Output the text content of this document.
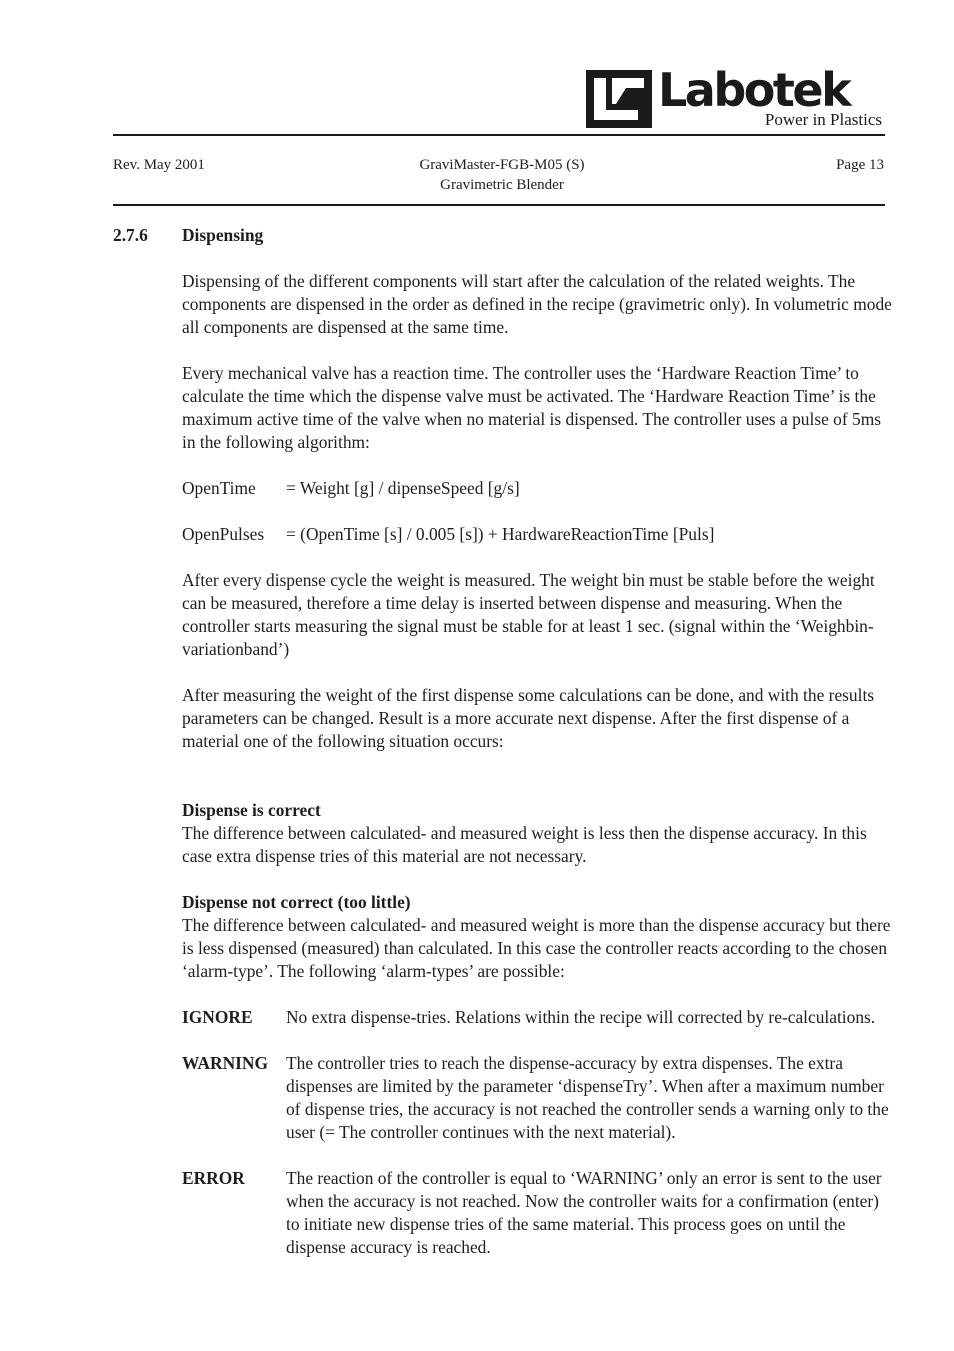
Labotek
Power in Plastics
Rev. May 2001	GraviMaster-FGB-M05 (S)
Gravimetric Blender
Page 13
2.7.6 Dispensing

Dispensing of the different components will start after the calculation of the related weights. The components are dispensed in the order as defined in the recipe (gravimetric only). In volumetric mode all components are dispensed at the same time.

Every mechanical valve has a reaction time. The controller uses the ‘Hardware Reaction Time’ to calculate the time which the dispense valve must be activated. The ‘Hardware Reaction Time’ is the maximum active time of the valve when no material is dispensed. The controller uses a pulse of 5ms in the following algorithm:

OpenTime	= Weight [g] / dipenseSpeed [g/s]
OpenPulses	= (OpenTime [s] / 0.005 [s]) + HardwareReactionTime [Puls]

After every dispense cycle the weight is measured. The weight bin must be stable before the weight can be measured, therefore a time delay is inserted between dispense and measuring. When the controller starts measuring the signal must be stable for at least 1 sec. (signal within the ‘Weighbin-variationband’)

After measuring the weight of the first dispense some calculations can be done, and with the results parameters can be changed. Result is a more accurate next dispense. After the first dispense of a material one of the following situation occurs:

Dispense is correct

The difference between calculated- and measured weight is less then the dispense accuracy. In this case extra dispense tries of this material are not necessary.

Dispense not correct (too little)

The difference between calculated- and measured weight is more than the dispense accuracy but there is less dispensed (measured) than calculated. In this case the controller reacts according to the chosen ‘alarm-type’. The following ‘alarm-types’ are possible:

IGNORE	No extra dispense-tries. Relations within the recipe will corrected by re-calculations.
WARNING	The controller tries to reach the dispense-accuracy by extra dispenses. The extra dispenses are limited by the parameter ‘dispenseTry’. When after a maximum number of dispense tries, the accuracy is not reached the controller sends a warning only to the user (= The controller continues with the next material).
ERROR	The reaction of the controller is equal to ‘WARNING’ only an error is sent to the user when the accuracy is not reached. Now the controller waits for a confirmation (enter) to initiate new dispense tries of the same material. This process goes on until the dispense accuracy is reached.
